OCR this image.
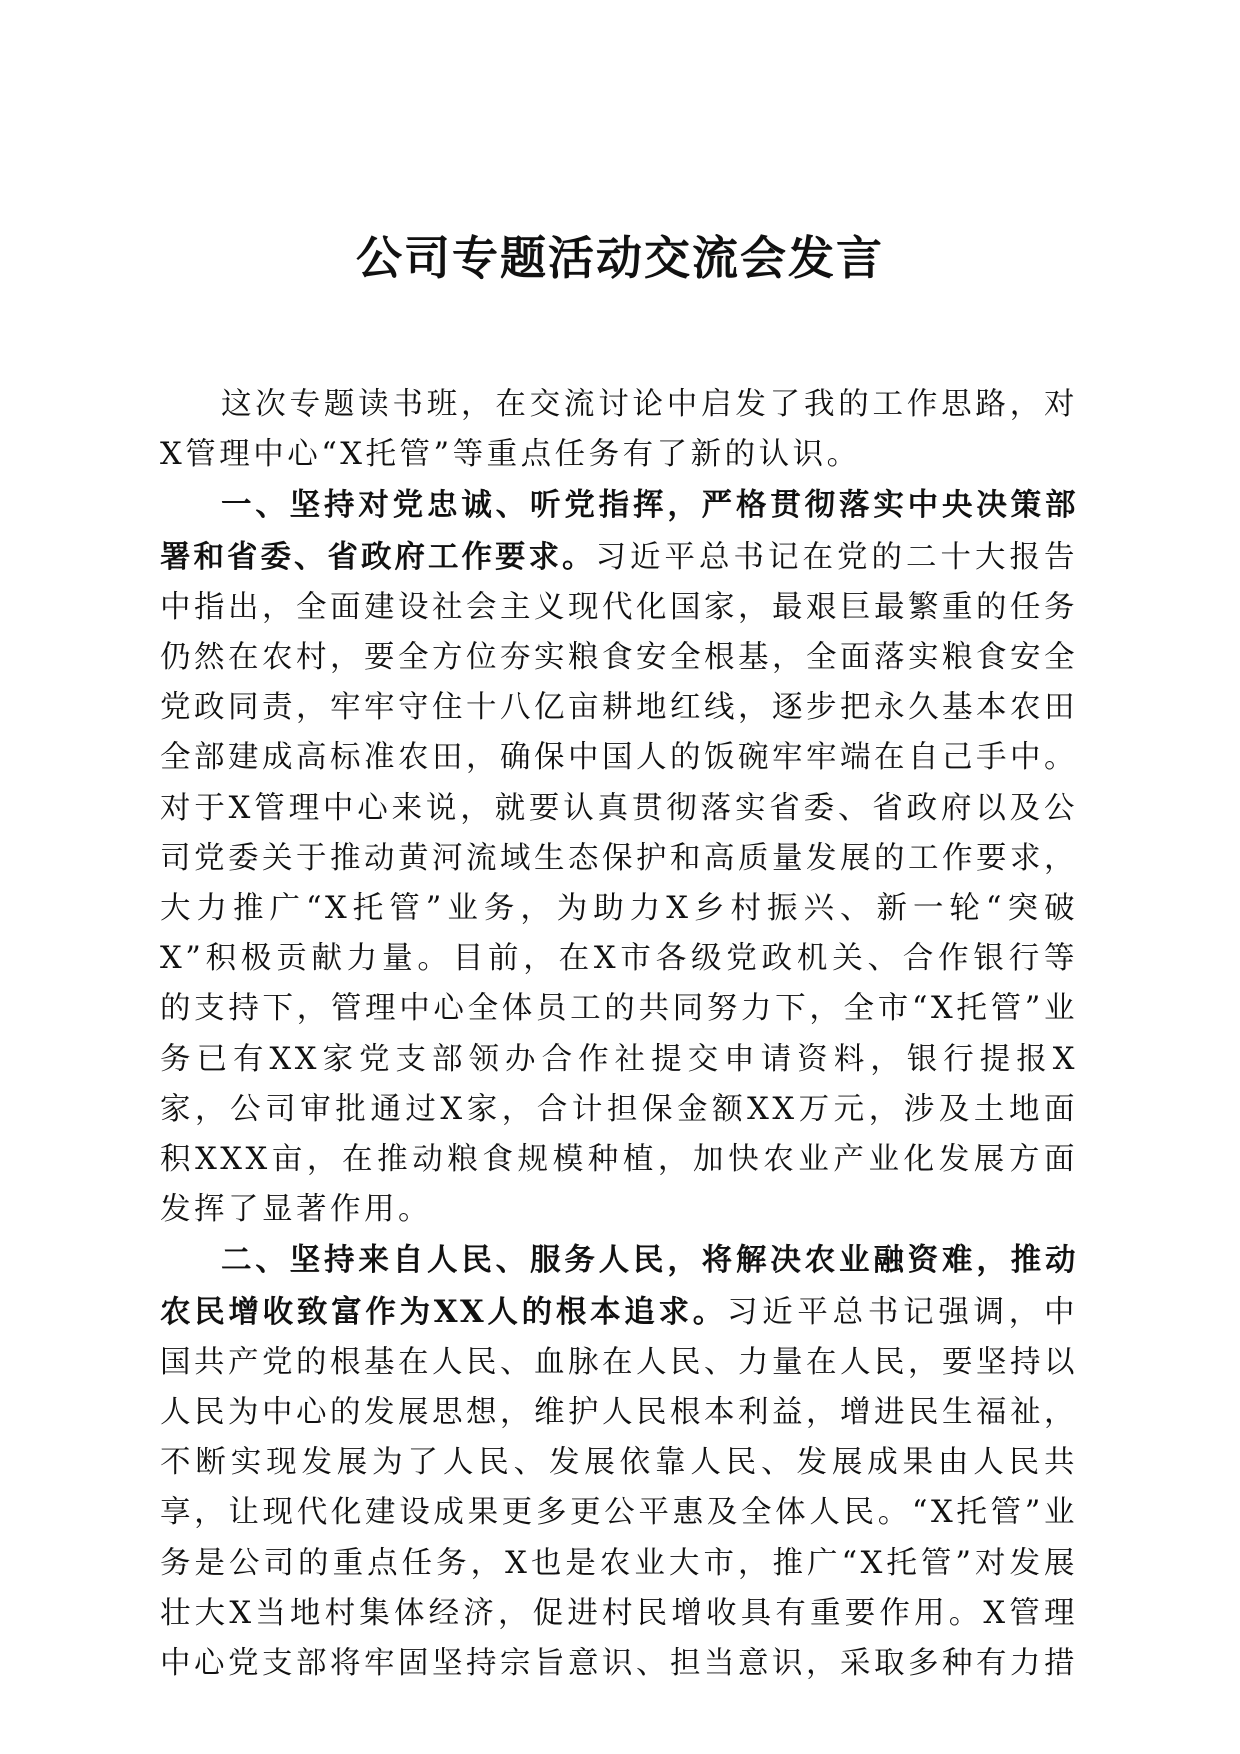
公司专题活动交流会发言

这次专题读书班，在交流讨论中启发了我的工作思路，对X管理中心“X托管”等重点任务有了新的认识。

一、坚持对党忠诚、听党指挥，严格贯彻落实中央决策部署和省委、省政府工作要求。习近平总书记在党的二十大报告中指出，全面建设社会主义现代化国家，最艰巨最繁重的任务仍然在农村，要全方位夯实粮食安全根基，全面落实粮食安全党政同责，牢牢守住十八亿亩耕地红线，逐步把永久基本农田全部建成高标准农田，确保中国人的饭碗牢牢端在自己手中。对于X管理中心来说，就要认真贯彻落实省委、省政府以及公司党委关于推动黄河流域生态保护和高质量发展的工作要求，大力推广“X托管”业务，为助力X乡村振兴、新一轮“突破X”积极贡献力量。目前，在X市各级党政机关、合作银行等的支持下，管理中心全体员工的共同努力下，全市“X托管”业务已有XX家党支部领办合作社提交申请资料，银行提报X家，公司审批通过X家，合计担保金额XX万元，涉及土地面积XXX亩，在推动粮食规模种植，加快农业产业化发展方面发挥了显著作用。

二、坚持来自人民、服务人民，将解决农业融资难，推动农民增收致富作为XX人的根本追求。习近平总书记强调，中国共产党的根基在人民、血脉在人民、力量在人民，要坚持以人民为中心的发展思想，维护人民根本利益，增进民生福祉，不断实现发展为了人民、发展依靠人民、发展成果由人民共享，让现代化建设成果更多更公平惠及全体人民。“X托管”业务是公司的重点任务，X也是农业大市，推广“X托管”对发展壮大X当地村集体经济，促进村民增收具有重要作用。X管理中心党支部将牢固坚持宗旨意识、担当意识，采取多种有力措
